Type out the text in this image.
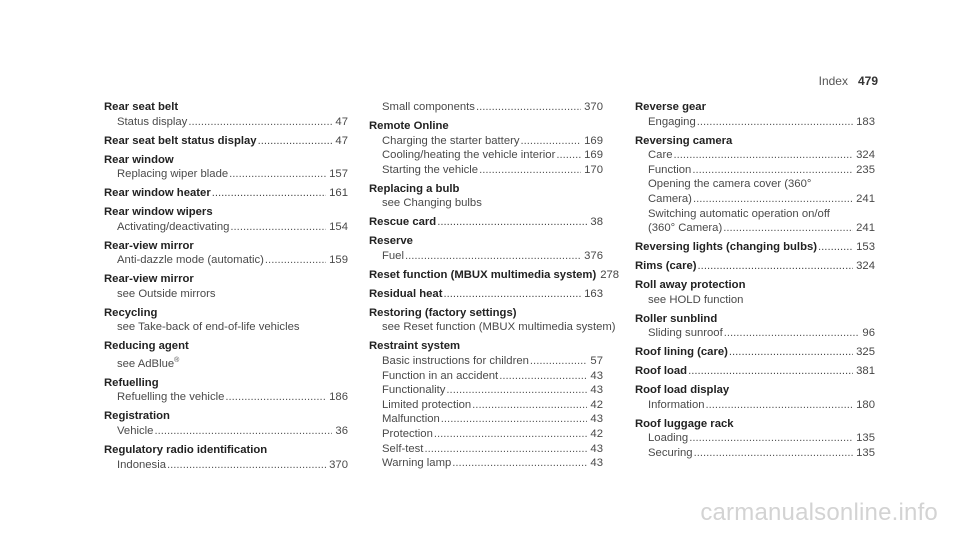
Index 479
Rear seat belt
Status display .....	47
Rear seat belt status display .....	47
Rear window
Replacing wiper blade .....	157
Rear window heater .....	161
Rear window wipers
Activating/deactivating .....	154
Rear-view mirror
Anti-dazzle mode (automatic) .....	159
Rear-view mirror
see Outside mirrors
Recycling
see Take-back of end-of-life vehicles
Reducing agent
see AdBlue®
Refuelling
Refuelling the vehicle .....	186
Registration
Vehicle .....	36
Regulatory radio identification
Indonesia .....	370
Small components .....	370
Remote Online
Charging the starter battery .....	169
Cooling/heating the vehicle interior .....	169
Starting the vehicle .....	170
Replacing a bulb
see Changing bulbs
Rescue card .....	38
Reserve
Fuel .....	376
Reset function (MBUX multimedia system) ..... 278
Residual heat .....	163
Restoring (factory settings)
see Reset function (MBUX multimedia system)
Restraint system
Basic instructions for children .....	57
Function in an accident .....	43
Functionality .....	43
Limited protection .....	42
Malfunction .....	43
Protection .....	42
Self-test .....	43
Warning lamp .....	43
Reverse gear
Engaging .....	183
Reversing camera
Care .....	324
Function .....	235
Opening the camera cover (360°
Camera) .....	241
Switching automatic operation on/off
(360° Camera) .....	241
Reversing lights (changing bulbs) .....	153
Rims (care) .....	324
Roll away protection
see HOLD function
Roller sunblind
Sliding sunroof .....	96
Roof lining (care) .....	325
Roof load .....	381
Roof load display
Information .....	180
Roof luggage rack
Loading .....	135
Securing .....	135
carmanualsonline.info
